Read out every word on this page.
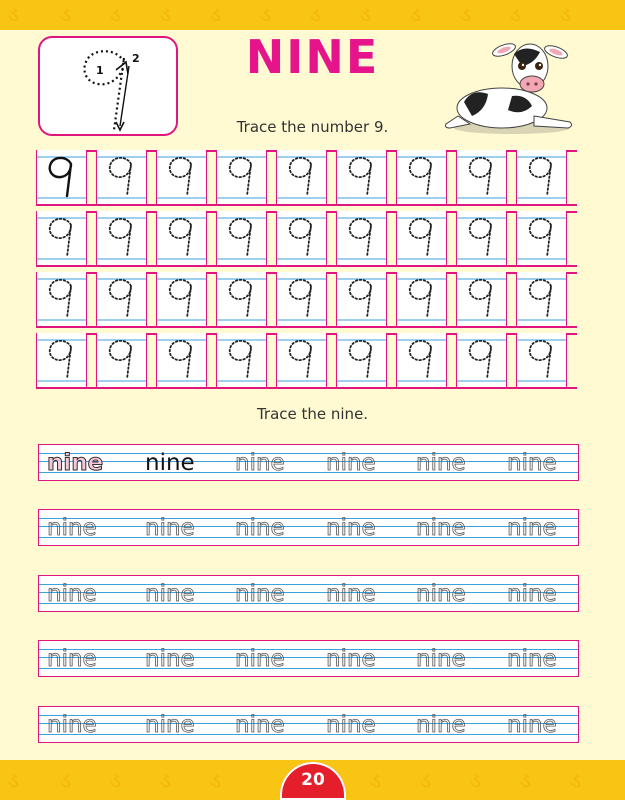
ડ ડ ડ ડ ડ ડ ડ ડ ડ ડ ડ ડ
1
2	NINE
Trace the number 9.
Trace the nine.
nine nine nine nine nine nine
nine nine nine nine nine nine
nine nine nine nine nine nine
nine nine nine nine nine nine
nine nine nine nine nine nine
ડ ડ ડ ડ ડ	ડ ડ ડ ડ ડ
20
